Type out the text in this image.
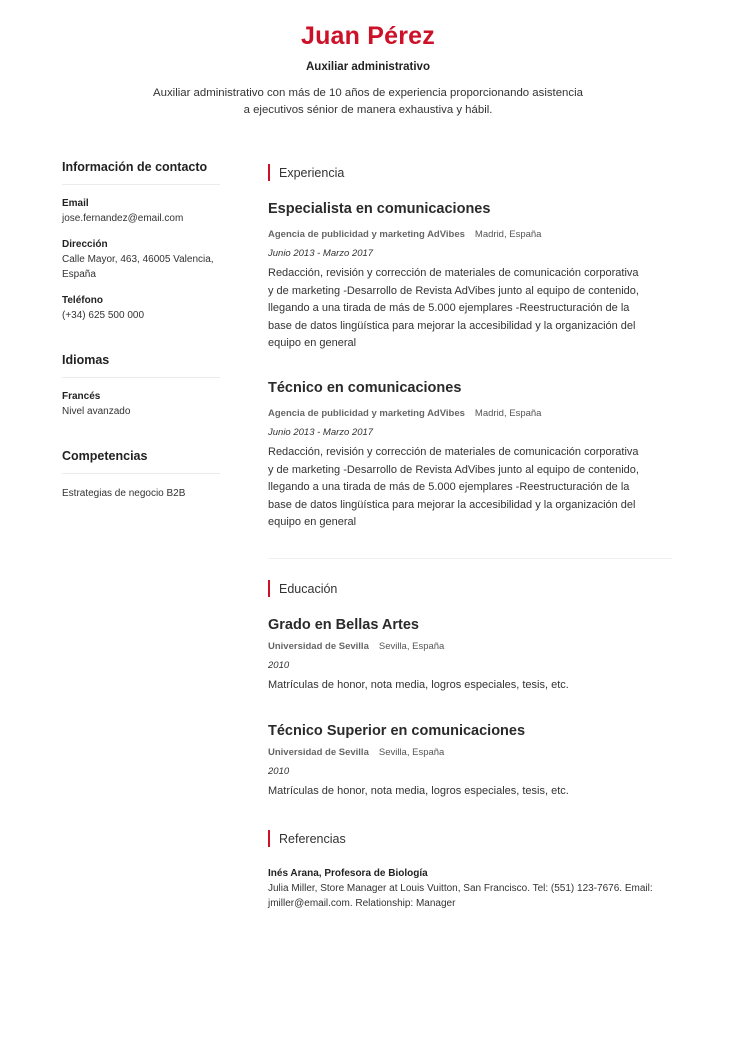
Juan Pérez
Auxiliar administrativo
Auxiliar administrativo con más de 10 años de experiencia proporcionando asistencia
a ejecutivos sénior de manera exhaustiva y hábil.

Información de contacto

Email

jose.fernandez@email.com

Dirección

Calle Mayor, 463, 46005 Valencia,

España

Teléfono

(+34) 625 500 000

Idiomas

Francés

Nivel avanzado

Competencias

Estrategias de negocio B2B

Experiencia

Especialista en comunicaciones

Agencia de publicidad y marketing AdVibes Madrid, España

Junio 2013 - Marzo 2017

Redacción, revisión y corrección de materiales de comunicación corporativa
y de marketing -Desarrollo de Revista AdVibes junto al equipo de contenido,
llegando a una tirada de más de 5.000 ejemplares -Reestructuración de la
base de datos lingüística para mejorar la accesibilidad y la organización del
equipo en general

Técnico en comunicaciones

Agencia de publicidad y marketing AdVibes Madrid, España

Junio 2013 - Marzo 2017

Redacción, revisión y corrección de materiales de comunicación corporativa
y de marketing -Desarrollo de Revista AdVibes junto al equipo de contenido,
llegando a una tirada de más de 5.000 ejemplares -Reestructuración de la
base de datos lingüística para mejorar la accesibilidad y la organización del
equipo en general
Educación

Grado en Bellas Artes

Universidad de Sevilla Sevilla, España

2010

Matrículas de honor, nota media, logros especiales, tesis, etc.

Técnico Superior en comunicaciones

Universidad de Sevilla Sevilla, España

2010

Matrículas de honor, nota media, logros especiales, tesis, etc.

Referencias

Inés Arana, Profesora de Biología

Julia Miller, Store Manager at Louis Vuitton, San Francisco. Tel: (551) 123-7676. Email:

jmiller@email.com. Relationship: Manager
